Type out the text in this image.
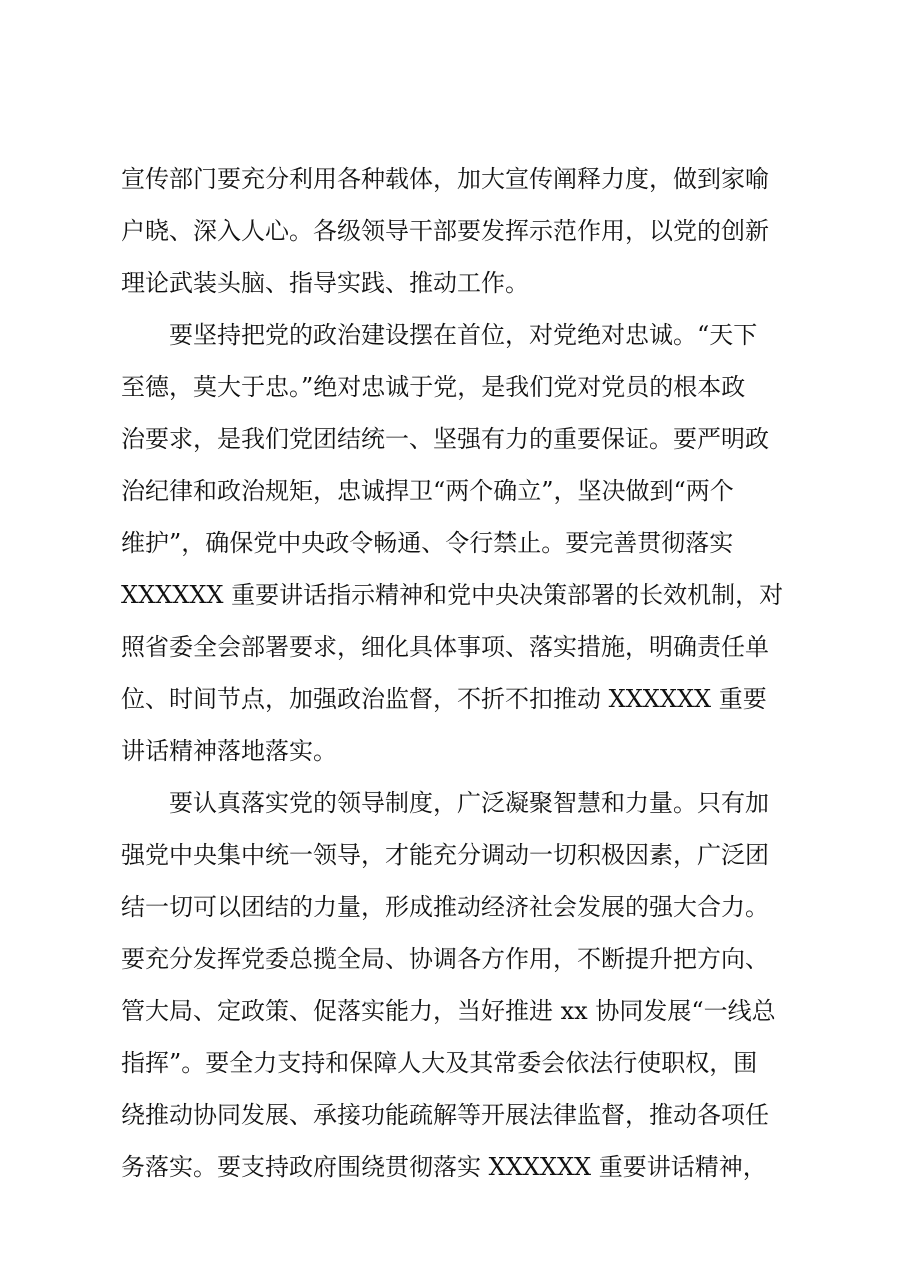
宣传部门要充分利用各种载体，加大宣传阐释力度，做到家喻
户晓、深入人心。各级领导干部要发挥示范作用，以党的创新
理论武装头脑、指导实践、推动工作。
要坚持把党的政治建设摆在首位，对党绝对忠诚。“天下
至德，莫大于忠。”绝对忠诚于党，是我们党对党员的根本政
治要求，是我们党团结统一、坚强有力的重要保证。要严明政
治纪律和政治规矩，忠诚捍卫“两个确立”，坚决做到“两个
维护”，确保党中央政令畅通、令行禁止。要完善贯彻落实
XXXXXX 重要讲话指示精神和党中央决策部署的长效机制，对
照省委全会部署要求，细化具体事项、落实措施，明确责任单
位、时间节点，加强政治监督，不折不扣推动 XXXXXX 重要
讲话精神落地落实。
要认真落实党的领导制度，广泛凝聚智慧和力量。只有加
强党中央集中统一领导，才能充分调动一切积极因素，广泛团
结一切可以团结的力量，形成推动经济社会发展的强大合力。
要充分发挥党委总揽全局、协调各方作用，不断提升把方向、
管大局、定政策、促落实能力，当好推进 xx 协同发展“一线总
指挥”。要全力支持和保障人大及其常委会依法行使职权，围
绕推动协同发展、承接功能疏解等开展法律监督，推动各项任
务落实。要支持政府围绕贯彻落实 XXXXXX 重要讲话精神，
